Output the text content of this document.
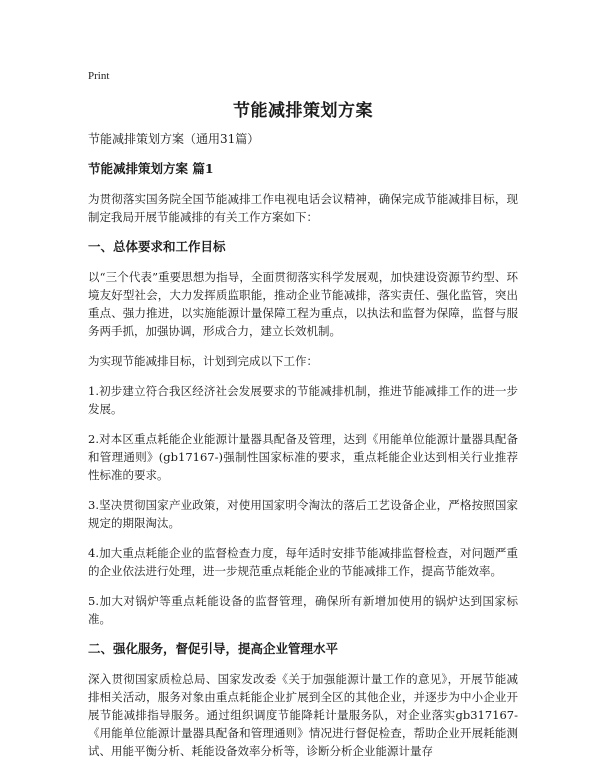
Print
节能减排策划方案

节能减排策划方案（通用31篇）

节能减排策划方案 篇1

为贯彻落实国务院全国节能减排工作电视电话会议精神，确保完成节能减排目标，现制定我局开展节能减排的有关工作方案如下：

一、总体要求和工作目标

以“三个代表”重要思想为指导，全面贯彻落实科学发展观，加快建设资源节约型、环境友好型社会，大力发挥质监职能，推动企业节能减排，落实责任、强化监管，突出重点、强力推进，以实施能源计量保障工程为重点，以执法和监督为保障，监督与服务两手抓，加强协调，形成合力，建立长效机制。

为实现节能减排目标，计划到完成以下工作：

1.初步建立符合我区经济社会发展要求的节能减排机制，推进节能减排工作的进一步发展。

2.对本区重点耗能企业能源计量器具配备及管理，达到《用能单位能源计量器具配备和管理通则》(gb17167-)强制性国家标准的要求，重点耗能企业达到相关行业推荐性标准的要求。

3.坚决贯彻国家产业政策，对使用国家明令淘汰的落后工艺设备企业，严格按照国家规定的期限淘汰。

4.加大重点耗能企业的监督检查力度，每年适时安排节能减排监督检查，对问题严重的企业依法进行处理，进一步规范重点耗能企业的节能减排工作，提高节能效率。

5.加大对锅炉等重点耗能设备的监督管理，确保所有新增加使用的锅炉达到国家标准。

二、强化服务，督促引导，提高企业管理水平

深入贯彻国家质检总局、国家发改委《关于加强能源计量工作的意见》，开展节能减排相关活动，服务对象由重点耗能企业扩展到全区的其他企业，并逐步为中小企业开展节能减排指导服务。通过组织调度节能降耗计量服务队，对企业落实gb317167-《用能单位能源计量器具配备和管理通则》情况进行督促检查，帮助企业开展耗能测试、用能平衡分析、耗能设备效率分析等，诊断分析企业能源计量存
